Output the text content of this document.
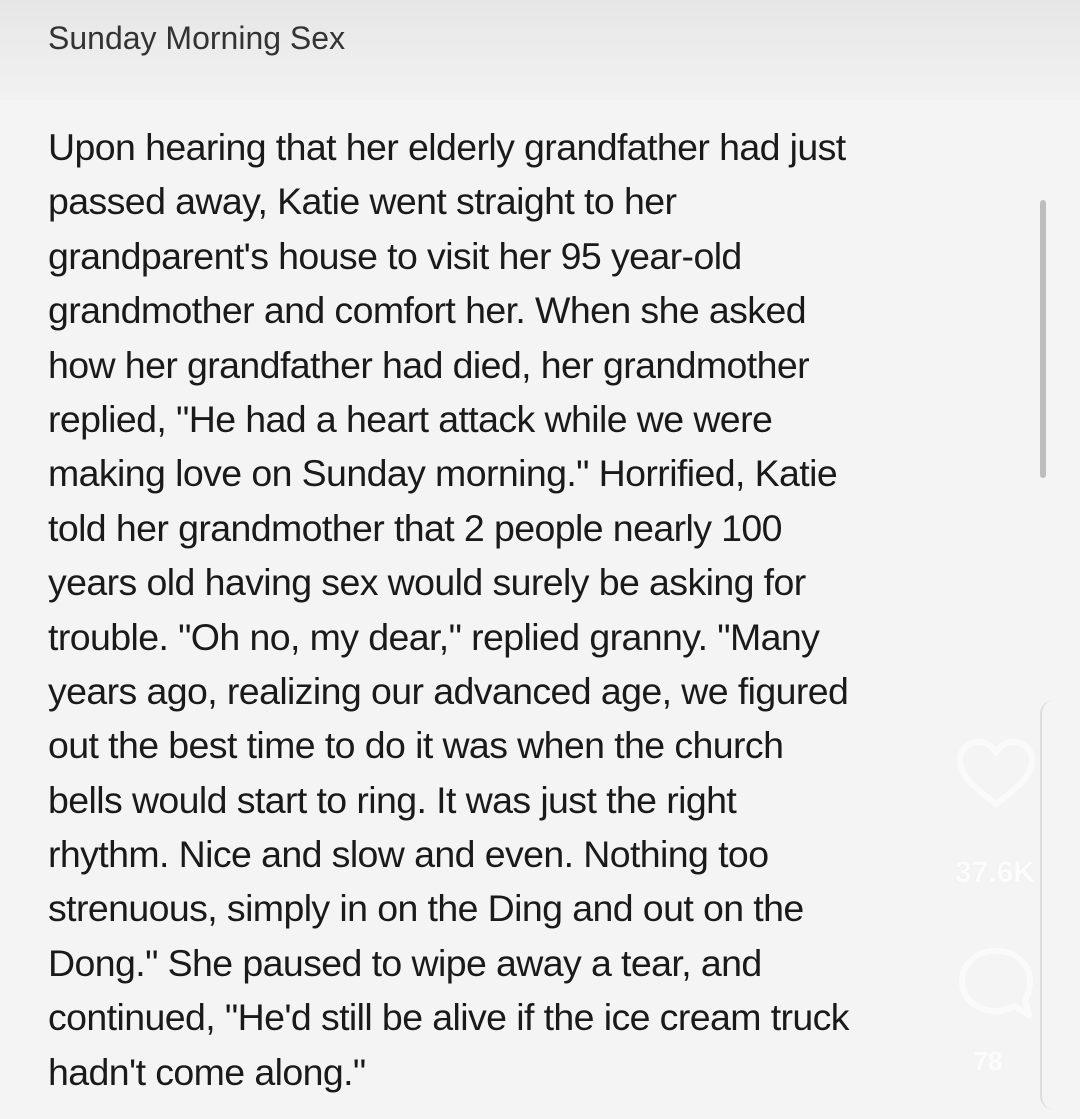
Sunday Morning Sex
Upon hearing that her elderly grandfather had just
passed away, Katie went straight to her
grandparent's house to visit her 95 year-old
grandmother and comfort her. When she asked
how her grandfather had died, her grandmother
replied, "He had a heart attack while we were
making love on Sunday morning." Horrified, Katie
told her grandmother that 2 people nearly 100
years old having sex would surely be asking for
trouble. "Oh no, my dear," replied granny. "Many
years ago, realizing our advanced age, we figured
out the best time to do it was when the church
bells would start to ring. It was just the right
rhythm. Nice and slow and even. Nothing too
strenuous, simply in on the Ding and out on the
Dong." She paused to wipe away a tear, and
continued, "He'd still be alive if the ice cream truck
hadn't come along."
37.6K
78
